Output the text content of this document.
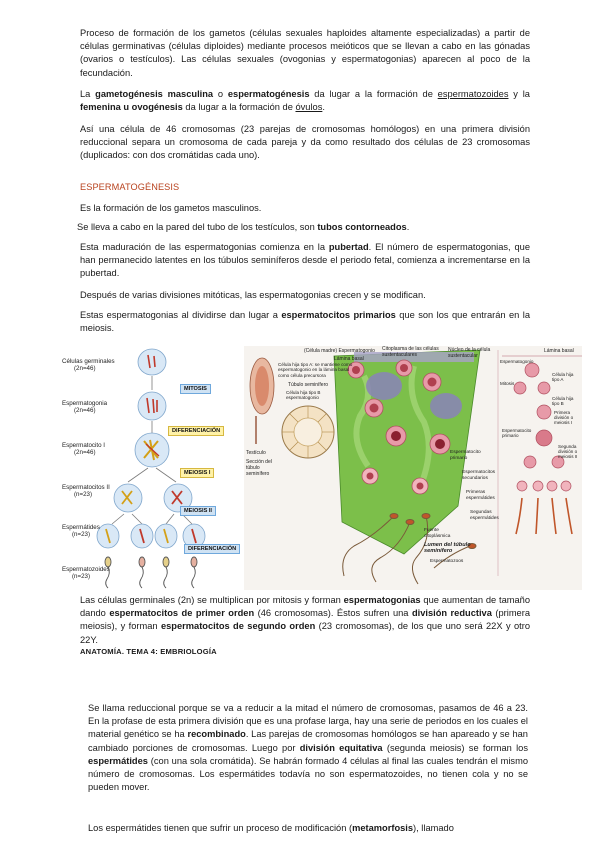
Proceso de formación de los gametos (células sexuales haploides altamente especializadas) a partir de células germinativas (células diploides) mediante procesos meióticos que se llevan a cabo en las gónadas (ovarios o testículos). Las células sexuales (ovogonias y espermatogonias) aparecen al poco de la fecundación.
La gametogénesis masculina o espermatogénesis da lugar a la formación de espermatozoides y la femenina u ovogénesis da lugar a la formación de óvulos.
Así una célula de 46 cromosomas (23 parejas de cromosomas homólogos) en una primera división reduccional separa un cromosoma de cada pareja y da como resultado dos células de 23 cromosomas (duplicados: con dos cromátidas cada uno).
ESPERMATOGÉNESIS
Es la formación de los gametos masculinos.
Se lleva a cabo en la pared del tubo de los testículos, son tubos contorneados.
Esta maduración de las espermatogonias comienza en la pubertad. El número de espermatogonias, que han permanecido latentes en los túbulos seminíferos desde el periodo fetal, comienza a incrementarse en la pubertad.
Después de varias divisiones mitóticas, las espermatogonias crecen y se modifican.
Estas espermatogonias al dividirse dan lugar a espermatocitos primarios que son los que entrarán en la meiosis.
Células germinales
(2n=46)
Espermatogonia
(2n=46)
Espermatocito I
(2n=46)
Espermatocitos II
(n=23)
Espermátides
(n=23)
Espermatozoides
(n=23)
MITOSIS
DIFERENCIACIÓN
MEIOSIS I
MEIOSIS II
DIFERENCIACIÓN
(Célula madre) Espermatogonio Citoplasma de las células sustentaculares
Núcleo de la célula sustentacular
Lámina basal
Lámina basal
Célula hija tipo A: se mantiene como espermatogonio en la lámina basal como célula precursora
Túbulo seminífero
Célula hija tipo B espermatogonio
Testículo
Sección del túbulo seminífero
Espermatocito primario
Espermatocitos secundarios
Primeras espermátides
Segundas espermátides
Fuente citoplásmica
Lumen del túbulo seminífero
Espermatozoos
Espermatogonio
Mitosis
Célula hija tipo A
Célula hija tipo B
Primera división o meiosis I
Espermatocito primario
Segunda división o meiosis II
Las células germinales (2n) se multiplican por mitosis y forman espermatogonias que aumentan de tamaño dando espermatocitos de primer orden (46 cromosomas). Éstos sufren una división reductiva (primera meiosis), y forman espermatocitos de segundo orden (23 cromosomas), de los que uno será 22X y otro 22Y.
ANATOMÍA. TEMA 4: EMBRIOLOGÍA
Se llama reduccional porque se va a reducir a la mitad el número de cromosomas, pasamos de 46 a 23. En la profase de esta primera división que es una profase larga, hay una serie de periodos en los cuales el material genético se ha recombinado. Las parejas de cromosomas homólogos se han apareado y se han cambiado porciones de cromosomas. Luego por división equitativa (segunda meiosis) se forman los espermátides (con una sola cromátida). Se habrán formado 4 células al final las cuales tendrán el mismo número de cromosomas. Los espermátides todavía no son espermatozoides, no tienen cola y no se pueden mover.
Los espermátides tienen que sufrir un proceso de modificación (metamorfosis), llamado
